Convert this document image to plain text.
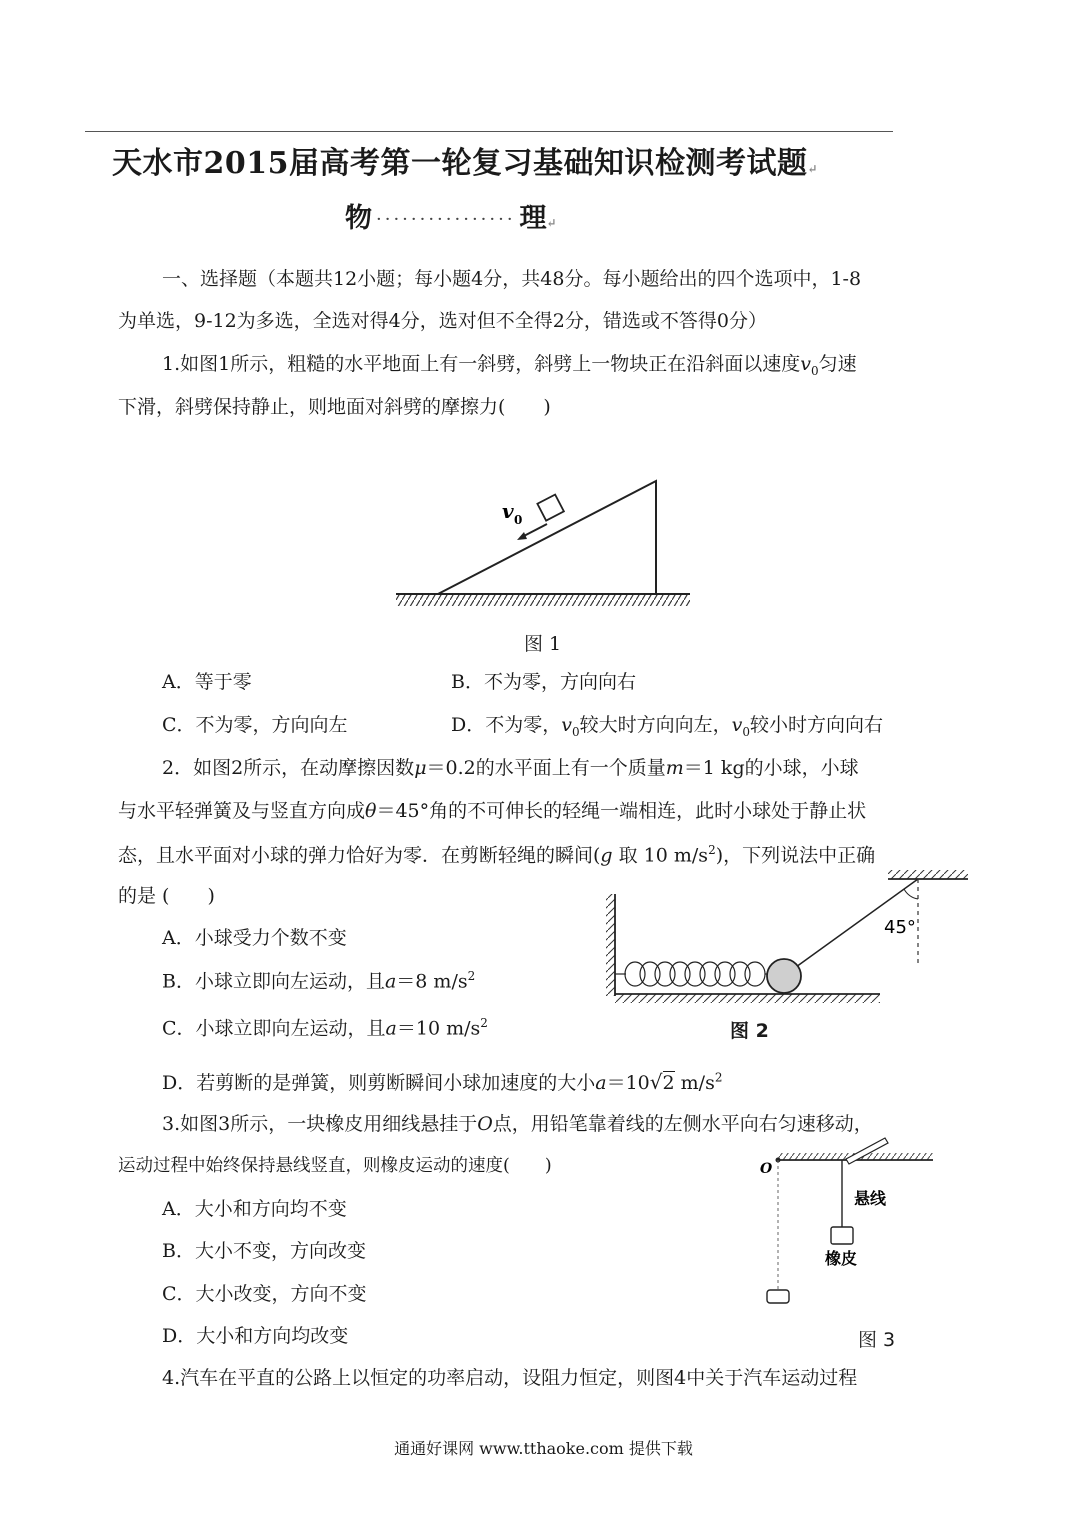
天水市2015届高考第一轮复习基础知识检测考试题↵
物 ················ 理↵
一、选择题（本题共12小题；每小题4分，共48分。每小题给出的四个选项中，1-8
为单选，9-12为多选，全选对得4分，选对但不全得2分，错选或不答得0分）
1.如图1所示，粗糙的水平地面上有一斜劈，斜劈上一物块正在沿斜面以速度$v_0$匀速
下滑，斜劈保持静止，则地面对斜劈的摩擦力(　　)
v 0
图 1
A．等于零	B．不为零，方向向右
C．不为零，方向向左	D．不为零，$v_0$较大时方向向左，$v_0$较小时方向向右
2．如图2所示，在动摩擦因数μ＝0.2的水平面上有一个质量m＝1 kg的小球，小球
与水平轻弹簧及与竖直方向成θ＝45°角的不可伸长的轻绳一端相连，此时小球处于静止状
态，且水平面对小球的弹力恰好为零．在剪断轻绳的瞬间(g 取 10 $m/s^2$)，下列说法中正确
的是 (　　)
A．小球受力个数不变
B．小球立即向左运动，且a＝8 $m/s^2$
C．小球立即向左运动，且a＝10 $m/s^2$
D．若剪断的是弹簧，则剪断瞬间小球加速度的大小a＝10√2 $m/s^2$
45°
图 2
3.如图3所示，一块橡皮用细线悬挂于O点，用铅笔靠着线的左侧水平向右匀速移动，
运动过程中始终保持悬线竖直，则橡皮运动的速度(　　)
A．大小和方向均不变
B．大小不变，方向改变
C．大小改变，方向不变
D．大小和方向均改变
O
悬线
橡皮
图 3
4.汽车在平直的公路上以恒定的功率启动，设阻力恒定，则图4中关于汽车运动过程
通通好课网 www.tthaoke.com 提供下载
